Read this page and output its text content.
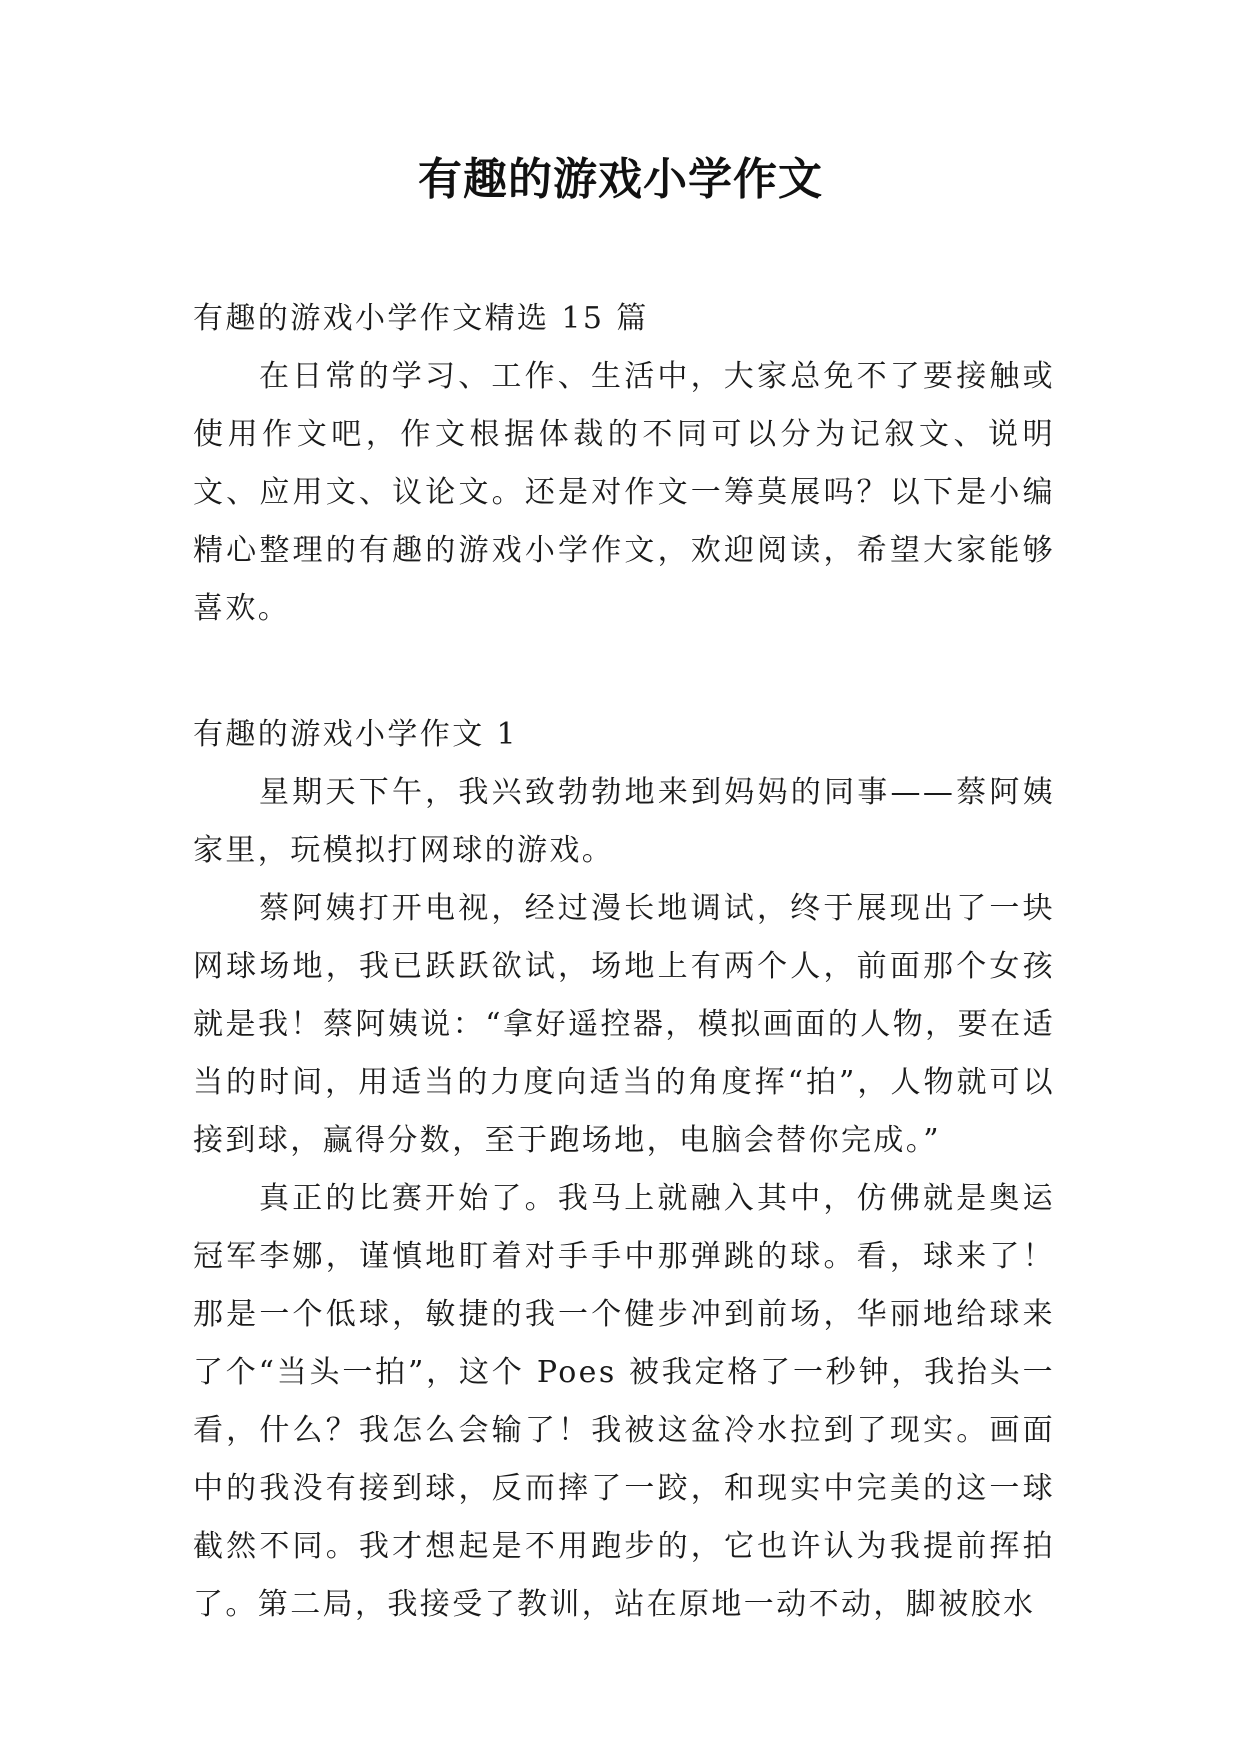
有趣的游戏小学作文

有趣的游戏小学作文精选 15 篇

在日常的学习、工作、生活中，大家总免不了要接触或使用作文吧，作文根据体裁的不同可以分为记叙文、说明文、应用文、议论文。还是对作文一筹莫展吗？以下是小编精心整理的有趣的游戏小学作文，欢迎阅读，希望大家能够喜欢。

有趣的游戏小学作文 1

星期天下午，我兴致勃勃地来到妈妈的同事——蔡阿姨家里，玩模拟打网球的游戏。

蔡阿姨打开电视，经过漫长地调试，终于展现出了一块网球场地，我已跃跃欲试，场地上有两个人，前面那个女孩就是我！蔡阿姨说：“拿好遥控器，模拟画面的人物，要在适当的时间，用适当的力度向适当的角度挥“拍”，人物就可以接到球，赢得分数，至于跑场地，电脑会替你完成。”

真正的比赛开始了。我马上就融入其中，仿佛就是奥运冠军李娜，谨慎地盯着对手手中那弹跳的球。看，球来了！那是一个低球，敏捷的我一个健步冲到前场，华丽地给球来了个“当头一拍”，这个 Poes 被我定格了一秒钟，我抬头一看，什么？我怎么会输了！我被这盆冷水拉到了现实。画面中的我没有接到球，反而摔了一跤，和现实中完美的这一球截然不同。我才想起是不用跑步的，它也许认为我提前挥拍了。第二局，我接受了教训，站在原地一动不动，脚被胶水
